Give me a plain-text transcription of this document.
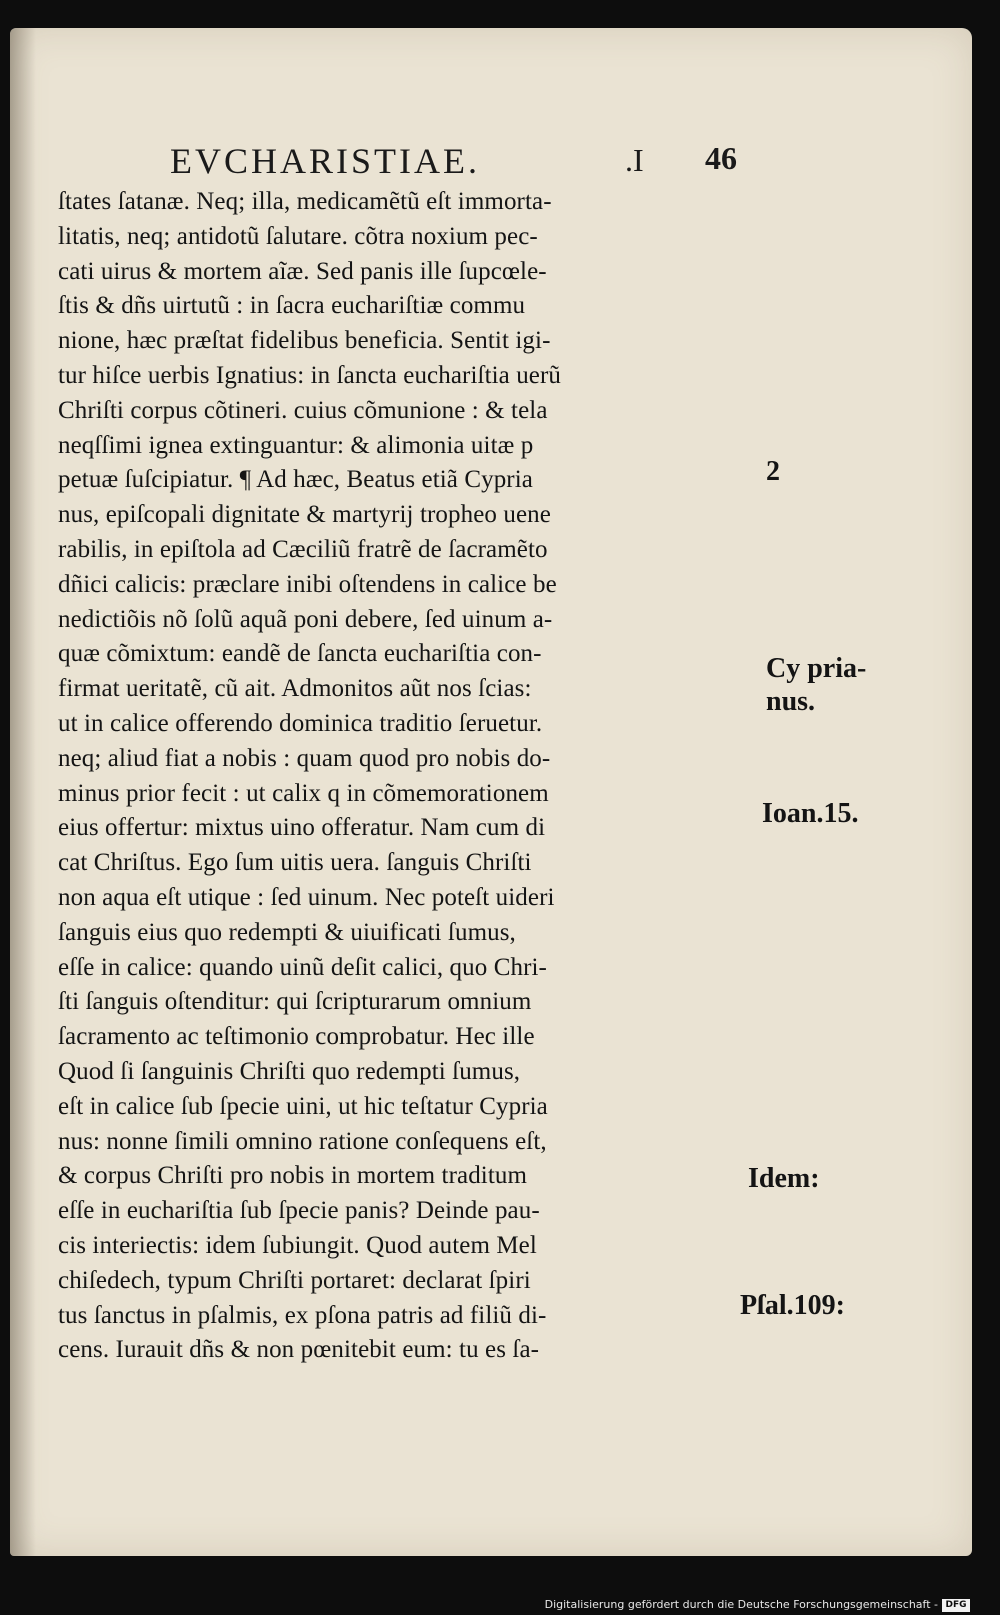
EVCHARISTIAE.	.I 46
ſtates ſatanæ. Neq; illa, medicamẽtũ eſt immorta-
litatis, neq; antidotũ ſalutare. cõtra noxium pec-
cati uirus & mortem aĩæ. Sed panis ille ſupcœle-
ſtis & dñs uirtutũ : in ſacra euchariſtiæ commu
nione, hæc præſtat fidelibus beneficia. Sentit igi-
tur hiſce uerbis Ignatius: in ſancta euchariſtia uerũ
Chriſti corpus cõtineri. cuius cõmunione : & tela
neqſſimi ignea extinguantur: & alimonia uitæ p
petuæ ſuſcipiatur. ¶ Ad hæc, Beatus etiã Cypria
nus, epiſcopali dignitate & martyrij tropheo uene
rabilis, in epiſtola ad Cæciliũ fratrẽ de ſacramẽto
dñici calicis: præclare inibi oſtendens in calice be
nedictiõis nõ ſolũ aquã poni debere, ſed uinum a-
quæ cõmixtum: eandẽ de ſancta euchariſtia con-
firmat ueritatẽ, cũ ait. Admonitos aũt nos ſcias:
ut in calice offerendo dominica traditio ſeruetur.
neq; aliud fiat a nobis : quam quod pro nobis do-
minus prior fecit : ut calix q in cõmemorationem
eius offertur: mixtus uino offeratur. Nam cum di
cat Chriſtus. Ego ſum uitis uera. ſanguis Chriſti
non aqua eſt utique : ſed uinum. Nec poteſt uideri
ſanguis eius quo redempti & uiuificati ſumus,
eſſe in calice: quando uinũ deſit calici, quo Chri-
ſti ſanguis oſtenditur: qui ſcripturarum omnium
ſacramento ac teſtimonio comprobatur. Hec ille
Quod ſi ſanguinis Chriſti quo redempti ſumus,
eſt in calice ſub ſpecie uini, ut hic teſtatur Cypria
nus: nonne ſimili omnino ratione conſequens eſt,
& corpus Chriſti pro nobis in mortem traditum
eſſe in euchariſtia ſub ſpecie panis? Deinde pau-
cis interiectis: idem ſubiungit. Quod autem Mel
chiſedech, typum Chriſti portaret: declarat ſpiri
tus ſanctus in pſalmis, ex pſona patris ad filiũ di-
cens. Iurauit dñs & non pœnitebit eum: tu es ſa-
2
Cy pria-
nus.
Ioan.15.
Idem:
Pſal.109:
Digitalisierung gefördert durch die Deutsche Forschungsgemeinschaft - DFG
